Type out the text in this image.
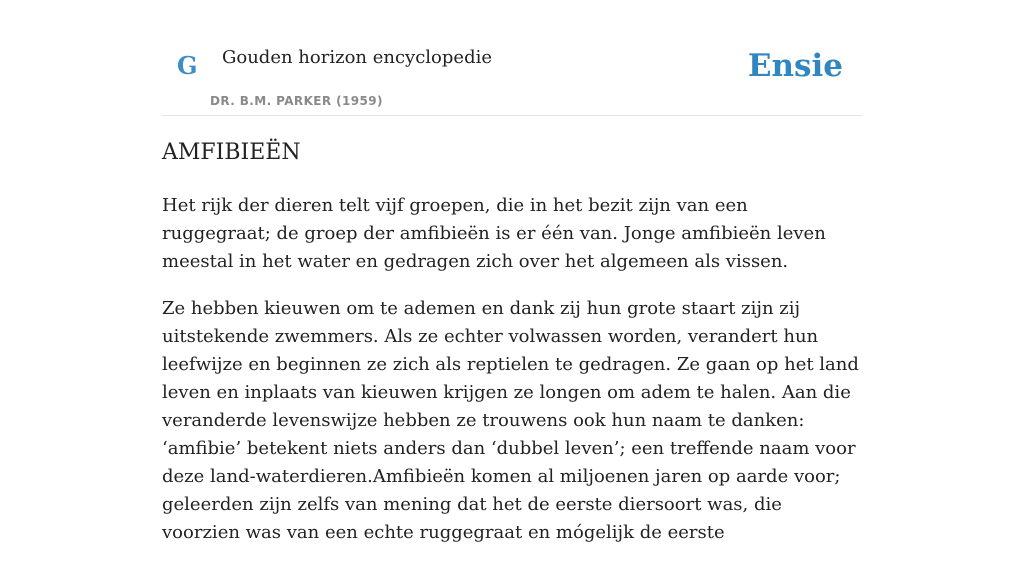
G Gouden horizon encyclopedie
DR. B.M. PARKER (1959)
Ensie
AMFIBIEËN

Het rijk der dieren telt vijf groepen, die in het bezit zijn van een ruggegraat; de groep der amfibieën is er één van. Jonge amfibieën leven meestal in het water en gedragen zich over het algemeen als vissen.

Ze hebben kieuwen om te ademen en dank zij hun grote staart zijn zij uitstekende zwemmers. Als ze echter volwassen worden, verandert hun leefwijze en beginnen ze zich als reptielen te gedragen. Ze gaan op het land leven en inplaats van kieuwen krijgen ze longen om adem te halen. Aan die veranderde levenswijze hebben ze trouwens ook hun naam te danken: ‘amfibie’ betekent niets anders dan ‘dubbel leven’; een treffende naam voor deze land-waterdieren.Amfibieën komen al miljoenen jaren op aarde voor; geleerden zijn zelfs van mening dat het de eerste diersoort was, die voorzien was van een echte ruggegraat en mógelijk de eerste
